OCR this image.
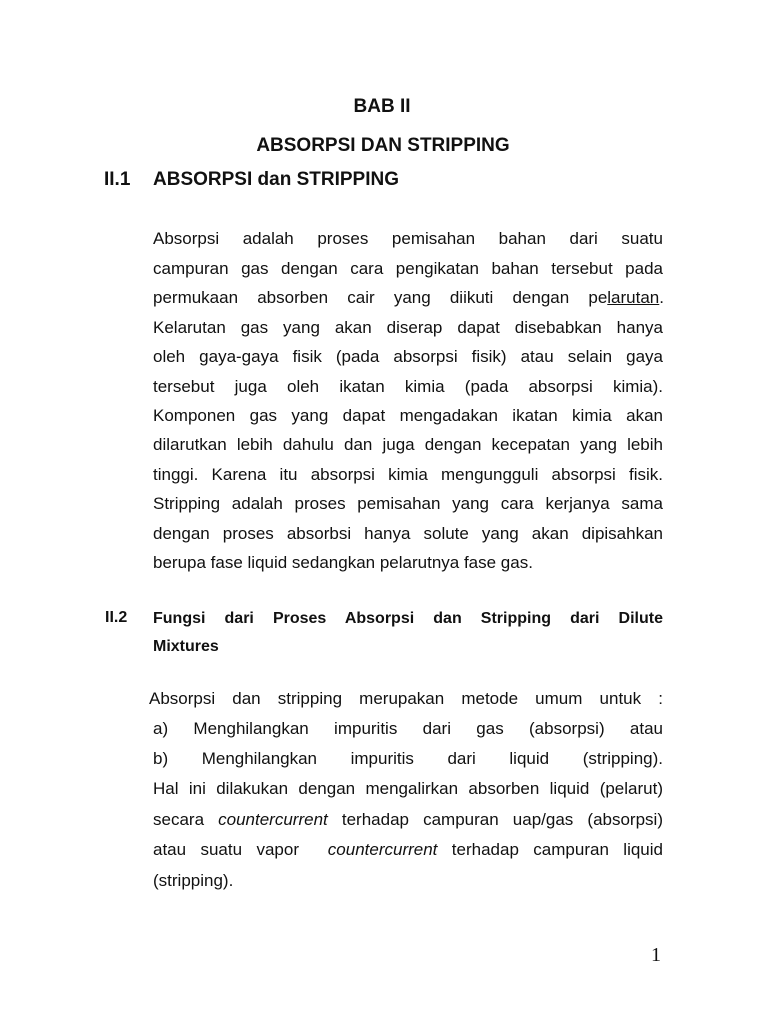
BAB II
ABSORPSI DAN STRIPPING
II.1 ABSORPSI dan STRIPPING
Absorpsi adalah proses pemisahan bahan dari suatu
campuran gas dengan cara pengikatan bahan tersebut pada
permukaan absorben cair yang diikuti dengan pelarutan.
Kelarutan gas yang akan diserap dapat disebabkan hanya
oleh gaya-gaya fisik (pada absorpsi fisik) atau selain gaya
tersebut juga oleh ikatan kimia (pada absorpsi kimia).
Komponen gas yang dapat mengadakan ikatan kimia akan
dilarutkan lebih dahulu dan juga dengan kecepatan yang lebih
tinggi. Karena itu absorpsi kimia mengungguli absorpsi fisik.
Stripping adalah proses pemisahan yang cara kerjanya sama
dengan proses absorbsi hanya solute yang akan dipisahkan
berupa fase liquid sedangkan pelarutnya fase gas.
II.2 Fungsi dari Proses Absorpsi dan Stripping dari Dilute
Mixtures
Absorpsi dan stripping merupakan metode umum untuk :
a) Menghilangkan impuritis dari gas (absorpsi) atau
b) Menghilangkan impuritis dari liquid (stripping).
Hal ini dilakukan dengan mengalirkan absorben liquid (pelarut)
secara countercurrent terhadap campuran uap/gas (absorpsi)
atau suatu vapor  countercurrent terhadap campuran liquid
(stripping).
1
